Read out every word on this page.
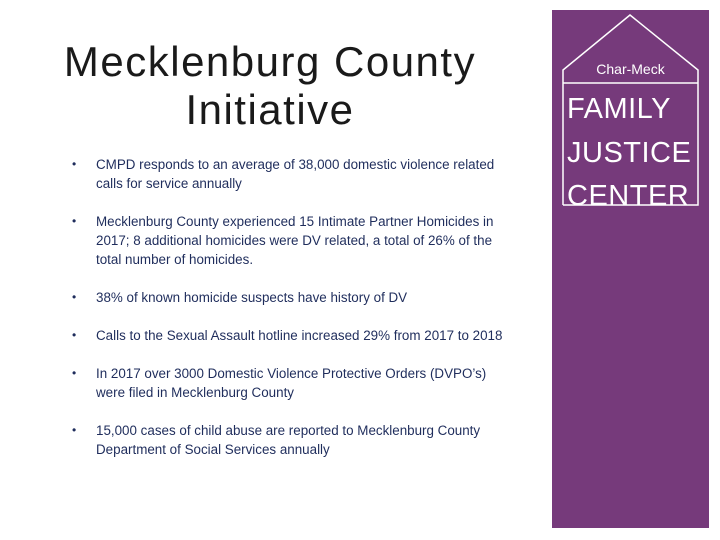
Mecklenburg County
Initiative
• CMPD responds to an average of 38,000 domestic violence related calls for service annually
• Mecklenburg County experienced 15 Intimate Partner Homicides in 2017; 8 additional homicides were DV related, a total of 26% of the total number of homicides.
• 38% of known homicide suspects have history of DV
• Calls to the Sexual Assault hotline increased 29% from 2017 to 2018
• In 2017 over 3000 Domestic Violence Protective Orders (DVPO’s) were filed in Mecklenburg County
• 15,000 cases of child abuse are reported to Mecklenburg County Department of Social Services annually
Char-Meck
FAMILY
JUSTICE
CENTER
